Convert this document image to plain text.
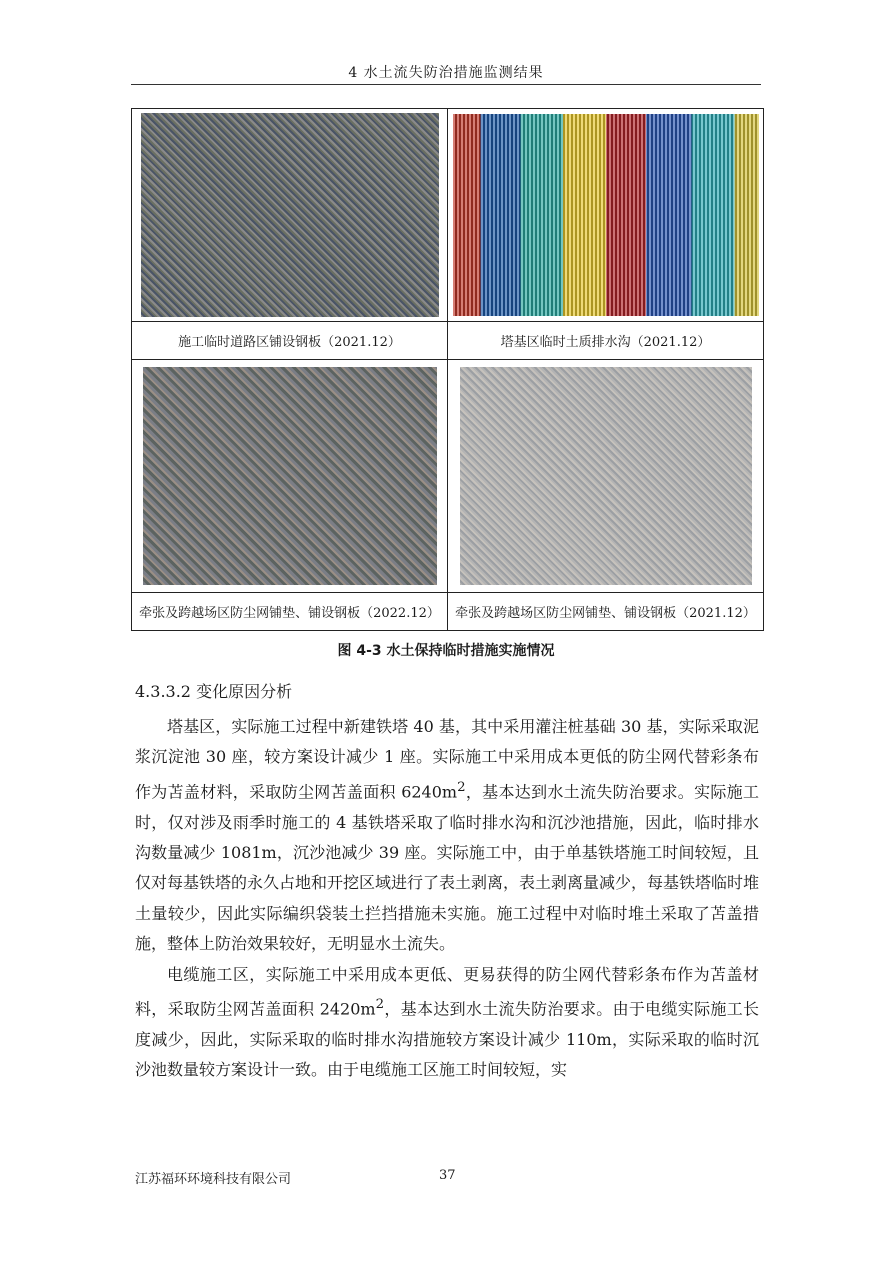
4 水土流失防治措施监测结果

施工临时道路区铺设钢板（2021.12）	塔基区临时土质排水沟（2021.12）

牵张及跨越场区防尘网铺垫、铺设钢板（2022.12）	牵张及跨越场区防尘网铺垫、铺设钢板（2021.12）
图 4-3 水土保持临时措施实施情况
4.3.3.2 变化原因分析

塔基区，实际施工过程中新建铁塔 40 基，其中采用灌注桩基础 30 基，实际采取泥浆沉淀池 30 座，较方案设计减少 1 座。实际施工中采用成本更低的防尘网代替彩条布作为苫盖材料，采取防尘网苫盖面积 $6240m^2$，基本达到水土流失防治要求。实际施工时，仅对涉及雨季时施工的 4 基铁塔采取了临时排水沟和沉沙池措施，因此，临时排水沟数量减少 1081m，沉沙池减少 39 座。实际施工中，由于单基铁塔施工时间较短，且仅对每基铁塔的永久占地和开挖区域进行了表土剥离，表土剥离量减少，每基铁塔临时堆土量较少，因此实际编织袋装土拦挡措施未实施。施工过程中对临时堆土采取了苫盖措施，整体上防治效果较好，无明显水土流失。

电缆施工区，实际施工中采用成本更低、更易获得的防尘网代替彩条布作为苫盖材料，采取防尘网苫盖面积 $2420m^2$，基本达到水土流失防治要求。由于电缆实际施工长度减少，因此，实际采取的临时排水沟措施较方案设计减少 110m，实际采取的临时沉沙池数量较方案设计一致。由于电缆施工区施工时间较短，实

江苏福环环境科技有限公司	37
